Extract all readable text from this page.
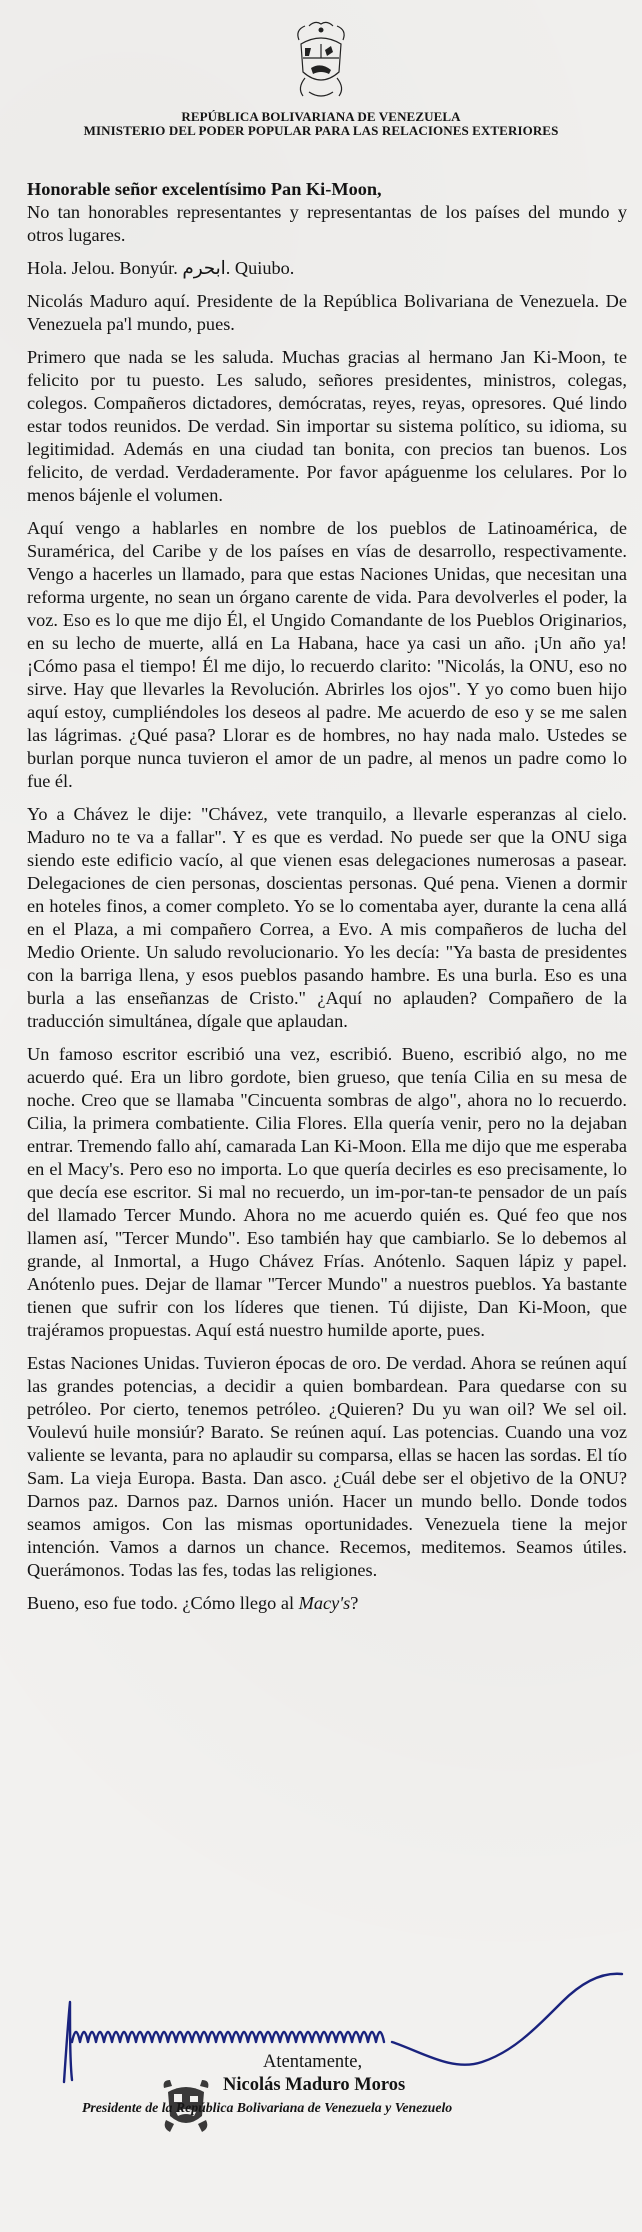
REPÚBLICA BOLIVARIANA DE VENEZUELA
MINISTERIO DEL PODER POPULAR PARA LAS RELACIONES EXTERIORES

Honorable señor excelentísimo Pan Ki-Moon,
No tan honorables representantes y representantas de los países del mundo y otros lugares.

Hola. Jelou. Bonyúr. ابحرم. Quiubo.

Nicolás Maduro aquí. Presidente de la República Bolivariana de Venezuela. De Venezuela pa'l mundo, pues.

Primero que nada se les saluda. Muchas gracias al hermano Jan Ki-Moon, te felicito por tu puesto. Les saludo, señores presidentes, ministros, colegas, colegos. Compañeros dictadores, demócratas, reyes, reyas, opresores. Qué lindo estar todos reunidos. De verdad. Sin importar su sistema político, su idioma, su legitimidad. Además en una ciudad tan bonita, con precios tan buenos. Los felicito, de verdad. Verdaderamente. Por favor apáguenme los celulares. Por lo menos bájenle el volumen.

Aquí vengo a hablarles en nombre de los pueblos de Latinoamérica, de Suramérica, del Caribe y de los países en vías de desarrollo, respectivamente. Vengo a hacerles un llamado, para que estas Naciones Unidas, que necesitan una reforma urgente, no sean un órgano carente de vida. Para devolverles el poder, la voz. Eso es lo que me dijo Él, el Ungido Comandante de los Pueblos Originarios, en su lecho de muerte, allá en La Habana, hace ya casi un año. ¡Un año ya! ¡Cómo pasa el tiempo! Él me dijo, lo recuerdo clarito: "Nicolás, la ONU, eso no sirve. Hay que llevarles la Revolución. Abrirles los ojos". Y yo como buen hijo aquí estoy, cumpliéndoles los deseos al padre. Me acuerdo de eso y se me salen las lágrimas. ¿Qué pasa? Llorar es de hombres, no hay nada malo. Ustedes se burlan porque nunca tuvieron el amor de un padre, al menos un padre como lo fue él.

Yo a Chávez le dije: "Chávez, vete tranquilo, a llevarle esperanzas al cielo. Maduro no te va a fallar". Y es que es verdad. No puede ser que la ONU siga siendo este edificio vacío, al que vienen esas delegaciones numerosas a pasear. Delegaciones de cien personas, doscientas personas. Qué pena. Vienen a dormir en hoteles finos, a comer completo. Yo se lo comentaba ayer, durante la cena allá en el Plaza, a mi compañero Correa, a Evo. A mis compañeros de lucha del Medio Oriente. Un saludo revolucionario. Yo les decía: "Ya basta de presidentes con la barriga llena, y esos pueblos pasando hambre. Es una burla. Eso es una burla a las enseñanzas de Cristo." ¿Aquí no aplauden? Compañero de la traducción simultánea, dígale que aplaudan.

Un famoso escritor escribió una vez, escribió. Bueno, escribió algo, no me acuerdo qué. Era un libro gordote, bien grueso, que tenía Cilia en su mesa de noche. Creo que se llamaba "Cincuenta sombras de algo", ahora no lo recuerdo. Cilia, la primera combatiente. Cilia Flores. Ella quería venir, pero no la dejaban entrar. Tremendo fallo ahí, camarada Lan Ki-Moon. Ella me dijo que me esperaba en el Macy's. Pero eso no importa. Lo que quería decirles es eso precisamente, lo que decía ese escritor. Si mal no recuerdo, un im-por-tan-te pensador de un país del llamado Tercer Mundo. Ahora no me acuerdo quién es. Qué feo que nos llamen así, "Tercer Mundo". Eso también hay que cambiarlo. Se lo debemos al grande, al Inmortal, a Hugo Chávez Frías. Anótenlo. Saquen lápiz y papel. Anótenlo pues. Dejar de llamar "Tercer Mundo" a nuestros pueblos. Ya bastante tienen que sufrir con los líderes que tienen. Tú dijiste, Dan Ki-Moon, que trajéramos propuestas. Aquí está nuestro humilde aporte, pues.

Estas Naciones Unidas. Tuvieron épocas de oro. De verdad. Ahora se reúnen aquí las grandes potencias, a decidir a quien bombardean. Para quedarse con su petróleo. Por cierto, tenemos petróleo. ¿Quieren? Du yu wan oil? We sel oil. Voulevú huile monsiúr? Barato. Se reúnen aquí. Las potencias. Cuando una voz valiente se levanta, para no aplaudir su comparsa, ellas se hacen las sordas. El tío Sam. La vieja Europa. Basta. Dan asco. ¿Cuál debe ser el objetivo de la ONU? Darnos paz. Darnos paz. Darnos unión. Hacer un mundo bello. Donde todos seamos amigos. Con las mismas oportunidades. Venezuela tiene la mejor intención. Vamos a darnos un chance. Recemos, meditemos. Seamos útiles. Querámonos. Todas las fes, todas las religiones.

Bueno, eso fue todo. ¿Cómo llego al Macy's?

Atentamente,
Nicolás Maduro Moros
Presidente de la República Bolivariana de Venezuela y Venezuelo
